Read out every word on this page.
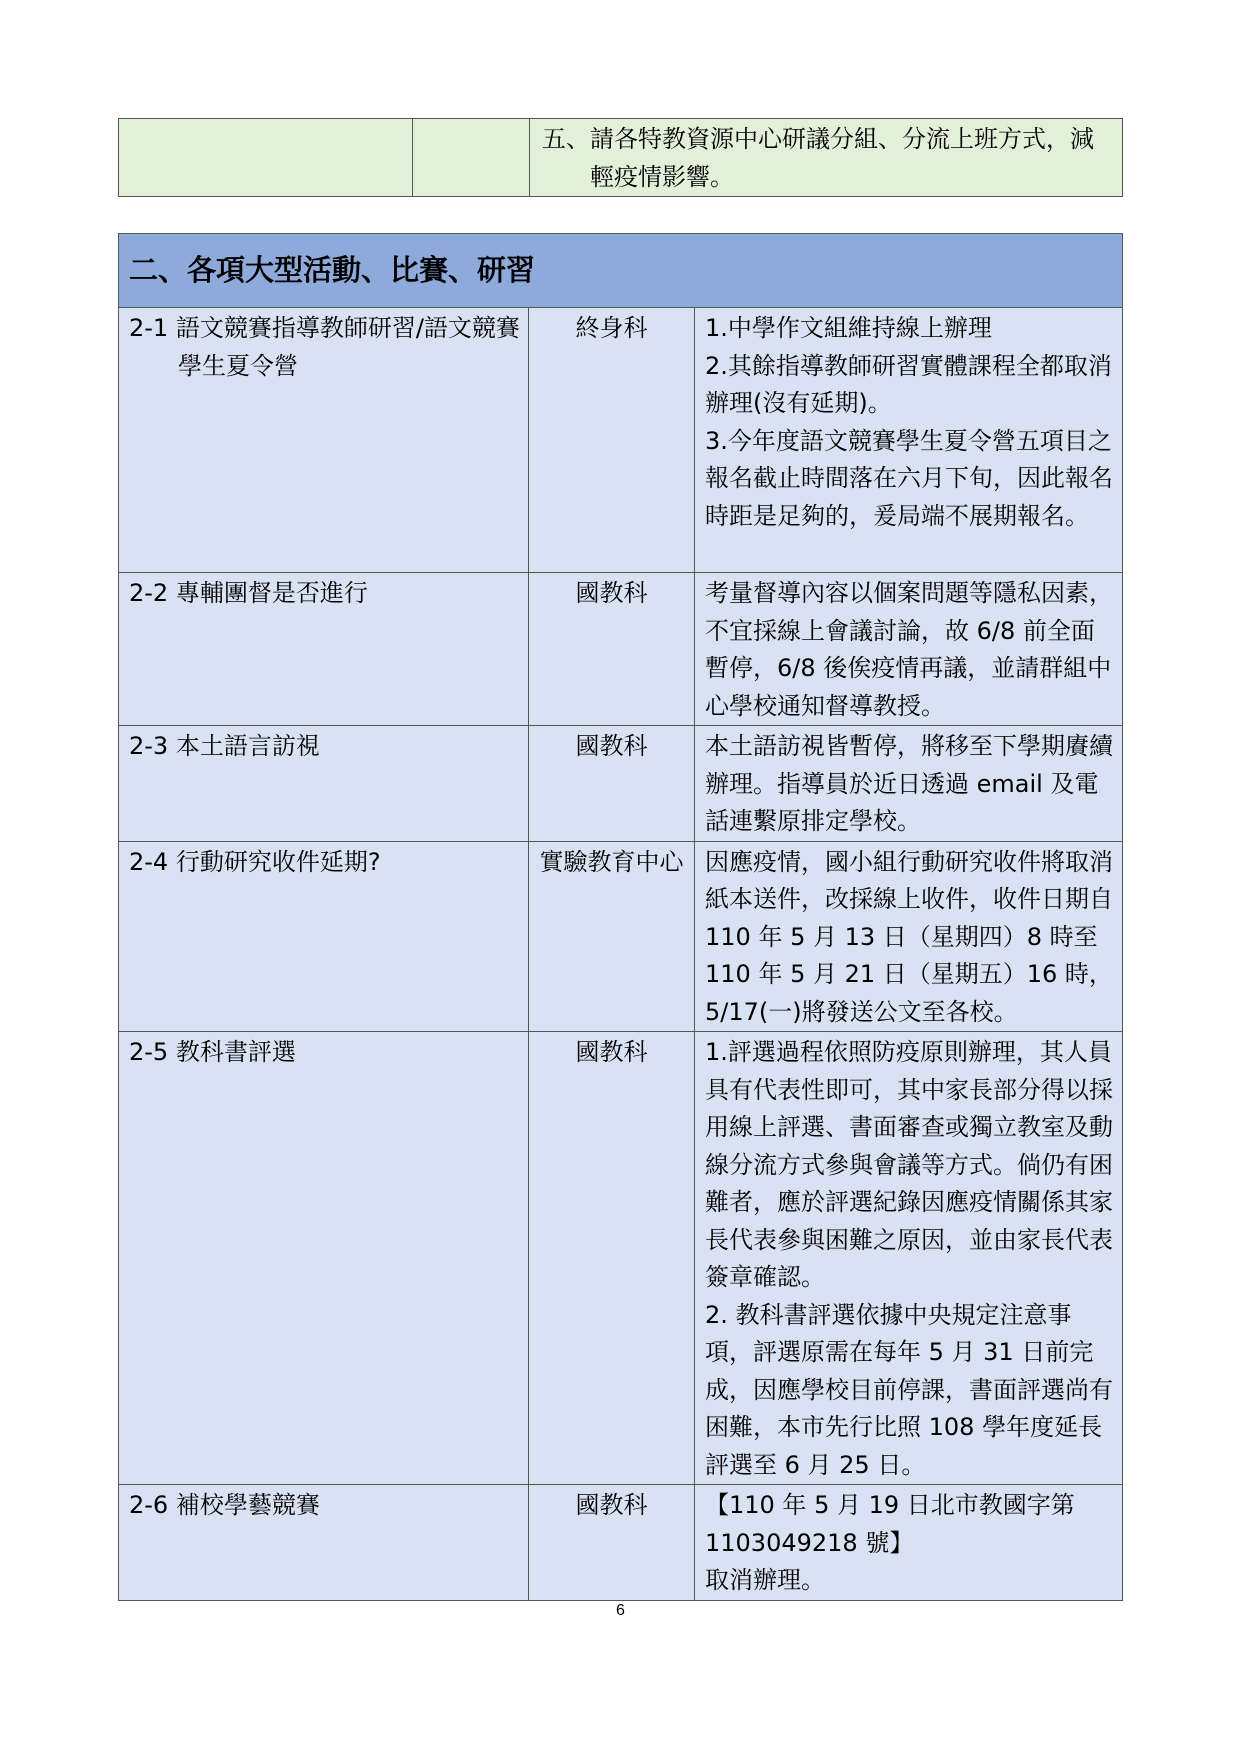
五、請各特教資源中心研議分組、分流上班方式，減輕疫情影響。
二、各項大型活動、比賽、研習		

2-1 語文競賽指導教師研習/語文競賽學生夏令營	終身科	1.中學作文組維持線上辦理
2.其餘指導教師研習實體課程全都取消辦理(沒有延期)。
3.今年度語文競賽學生夏令營五項目之報名截止時間落在六月下旬，因此報名時距是足夠的，爰局端不展期報名。

2-2 專輔團督是否進行	國教科	考量督導內容以個案問題等隱私因素，不宜採線上會議討論，故 6/8 前全面暫停，6/8 後俟疫情再議，並請群組中心學校通知督導教授。

2-3 本土語言訪視	國教科	本土語訪視皆暫停，將移至下學期賡續辦理。指導員於近日透過 email 及電話連繫原排定學校。

2-4 行動研究收件延期?	實驗教育中心	因應疫情，國小組行動研究收件將取消紙本送件，改採線上收件，收件日期自 110 年 5 月 13 日（星期四）8 時至 110 年 5 月 21 日（星期五）16 時，5/17(一)將發送公文至各校。

2-5 教科書評選	國教科	1.評選過程依照防疫原則辦理，其人員具有代表性即可，其中家長部分得以採用線上評選、書面審查或獨立教室及動線分流方式參與會議等方式。倘仍有困難者，應於評選紀錄因應疫情關係其家長代表參與困難之原因，並由家長代表簽章確認。
2. 教科書評選依據中央規定注意事項，評選原需在每年 5 月 31 日前完成，因應學校目前停課，書面評選尚有困難，本市先行比照 108 學年度延長評選至 6 月 25 日。

2-6 補校學藝競賽	國教科	【110 年 5 月 19 日北市教國字第 1103049218 號】
取消辦理。
6
